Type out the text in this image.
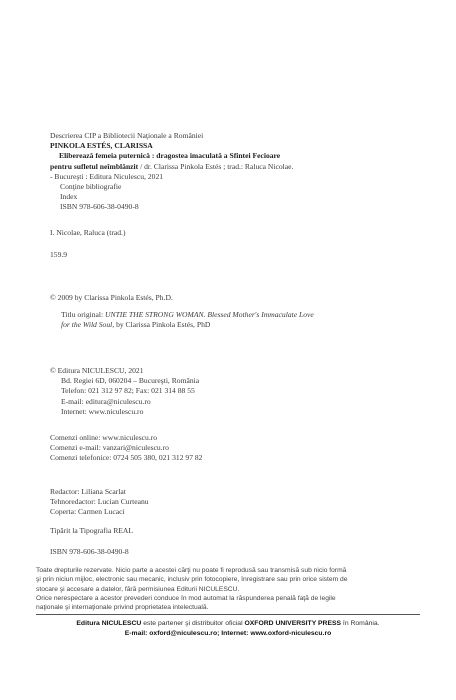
Descrierea CIP a Bibliotecii Naţionale a României
PINKOLA ESTÉS, CLARISSA
Eliberează femeia puternică : dragostea imaculată a Sfintei Fecioare
pentru sufletul neîmblânzit / dr. Clarissa Pinkola Estés ; trad.: Raluca Nicolae.
- Bucureşti : Editura Niculescu, 2021
Conţine bibliografie
Index
ISBN 978-606-38-0490-8
I. Nicolae, Raluca (trad.)
159.9
© 2009 by Clarissa Pinkola Estés, Ph.D.
Titlu original: UNTIE THE STRONG WOMAN. Blessed Mother's Immaculate Love
for the Wild Soul, by Clarissa Pinkola Estés, PhD
© Editura NICULESCU, 2021
Bd. Regiei 6D, 060204 – Bucureşti, România
Telefon: 021 312 97 82; Fax: 021 314 88 55
E-mail: editura@niculescu.ro
Internet: www.niculescu.ro
Comenzi online: www.niculescu.ro
Comenzi e-mail: vanzari@niculescu.ro
Comenzi telefonice: 0724 505 380, 021 312 97 82
Redactor: Liliana Scarlat
Tehnoredactor: Lucian Curteanu
Coperta: Carmen Lucaci
Tipărit la Tipografia REAL
ISBN 978-606-38-0490-8
Toate drepturile rezervate. Nicio parte a acestei cărţi nu poate fi reprodusă sau transmisă sub nicio formă
şi prin niciun mijloc, electronic sau mecanic, inclusiv prin fotocopiere, înregistrare sau prin orice sistem de
stocare şi accesare a datelor, fără permisiunea Editurii NICULESCU.
Orice nerespectare a acestor prevederi conduce în mod automat la răspunderea penală faţă de legile
naţionale şi internaţionale privind proprietatea intelectuală.
Editura NICULESCU este partener şi distribuitor oficial OXFORD UNIVERSITY PRESS în România.
E-mail: oxford@niculescu.ro; Internet: www.oxford-niculescu.ro
